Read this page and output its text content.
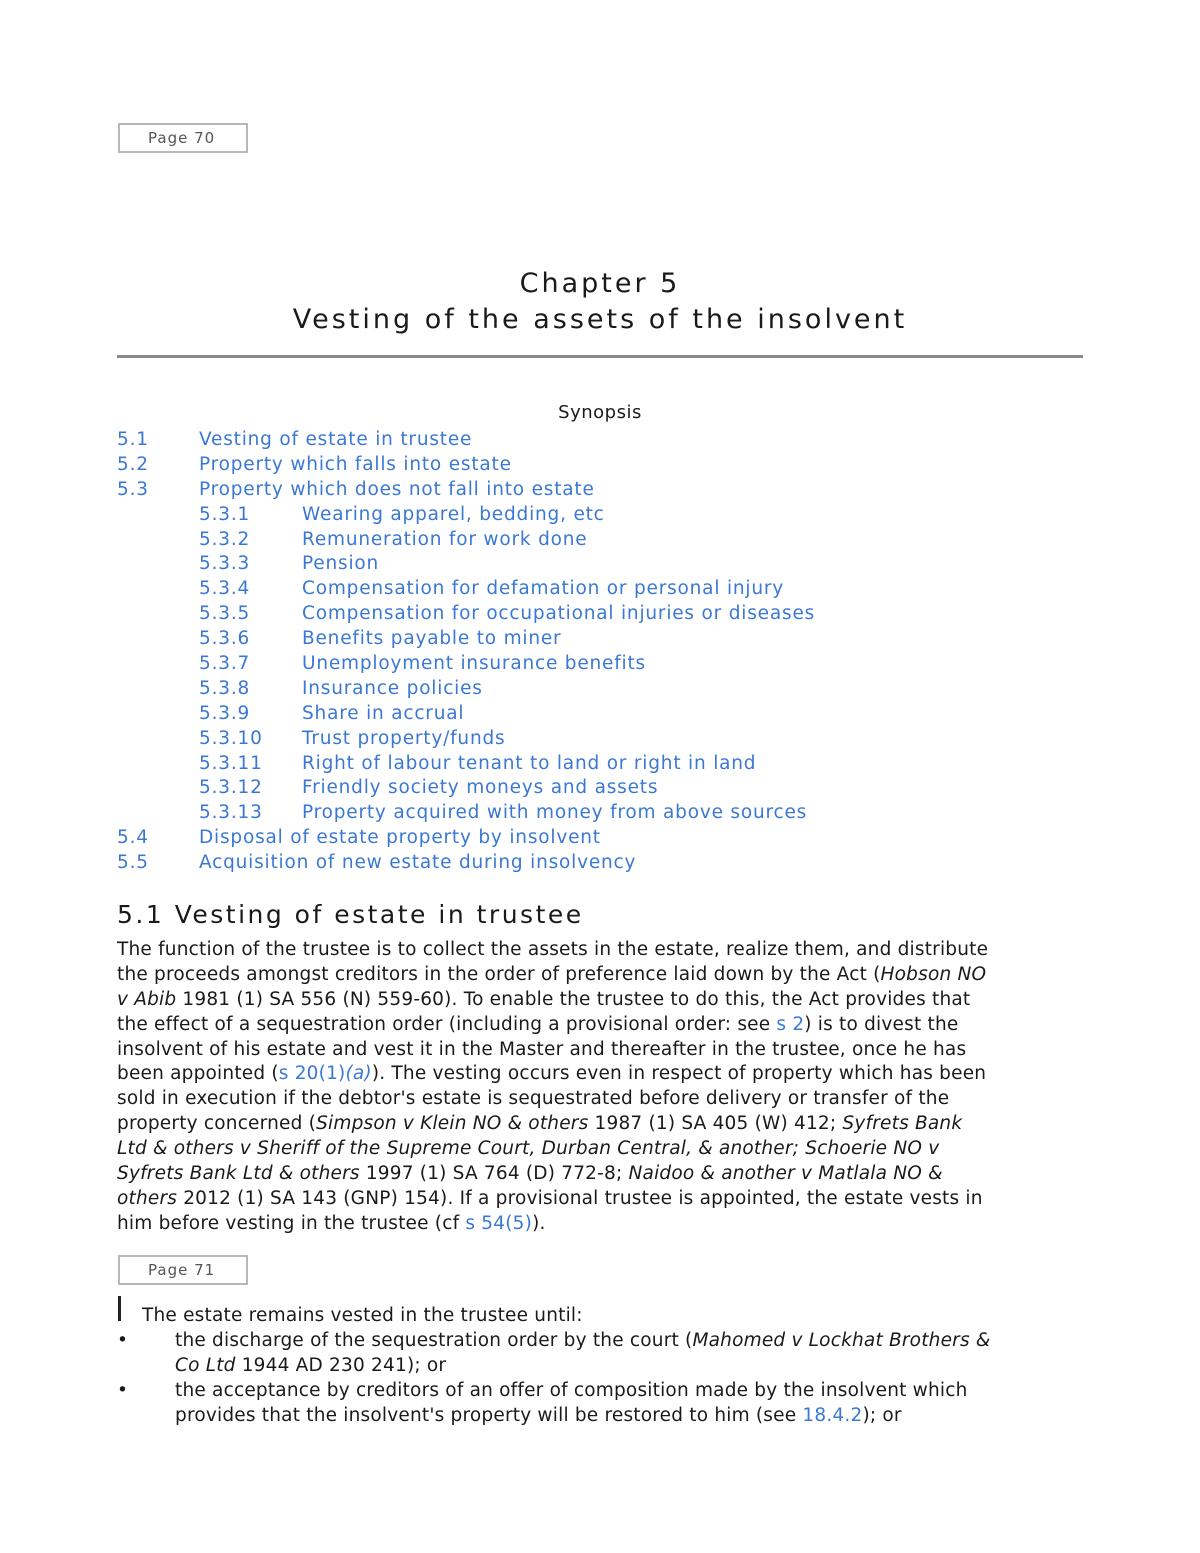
Page 70
Chapter 5
Vesting of the assets of the insolvent
Synopsis
5.1	Vesting of estate in trustee
5.2	Property which falls into estate
5.3	Property which does not fall into estate
5.3.1	Wearing apparel, bedding, etc
5.3.2	Remuneration for work done
5.3.3	Pension
5.3.4	Compensation for defamation or personal injury
5.3.5	Compensation for occupational injuries or diseases
5.3.6	Benefits payable to miner
5.3.7	Unemployment insurance benefits
5.3.8	Insurance policies
5.3.9	Share in accrual
5.3.10 Trust property/funds
5.3.11 Right of labour tenant to land or right in land
5.3.12 Friendly society moneys and assets
5.3.13 Property acquired with money from above sources
5.4	Disposal of estate property by insolvent
5.5	Acquisition of new estate during insolvency
5.1 Vesting of estate in trustee
The function of the trustee is to collect the assets in the estate, realize them, and distribute
the proceeds amongst creditors in the order of preference laid down by the Act (Hobson NO
v Abib 1981 (1) SA 556 (N) 559-60). To enable the trustee to do this, the Act provides that
the effect of a sequestration order (including a provisional order: see s 2) is to divest the
insolvent of his estate and vest it in the Master and thereafter in the trustee, once he has
been appointed (s 20(1)(a)). The vesting occurs even in respect of property which has been
sold in execution if the debtor's estate is sequestrated before delivery or transfer of the
property concerned (Simpson v Klein NO & others 1987 (1) SA 405 (W) 412; Syfrets Bank
Ltd & others v Sheriff of the Supreme Court, Durban Central, & another; Schoerie NO v
Syfrets Bank Ltd & others 1997 (1) SA 764 (D) 772-8; Naidoo & another v Matlala NO &
others 2012 (1) SA 143 (GNP) 154). If a provisional trustee is appointed, the estate vests in
him before vesting in the trustee (cf s 54(5)).
Page 71
The estate remains vested in the trustee until:
•	the discharge of the sequestration order by the court (Mahomed v Lockhat Brothers &
Co Ltd 1944 AD 230 241); or
•	the acceptance by creditors of an offer of composition made by the insolvent which
provides that the insolvent's property will be restored to him (see 18.4.2); or
